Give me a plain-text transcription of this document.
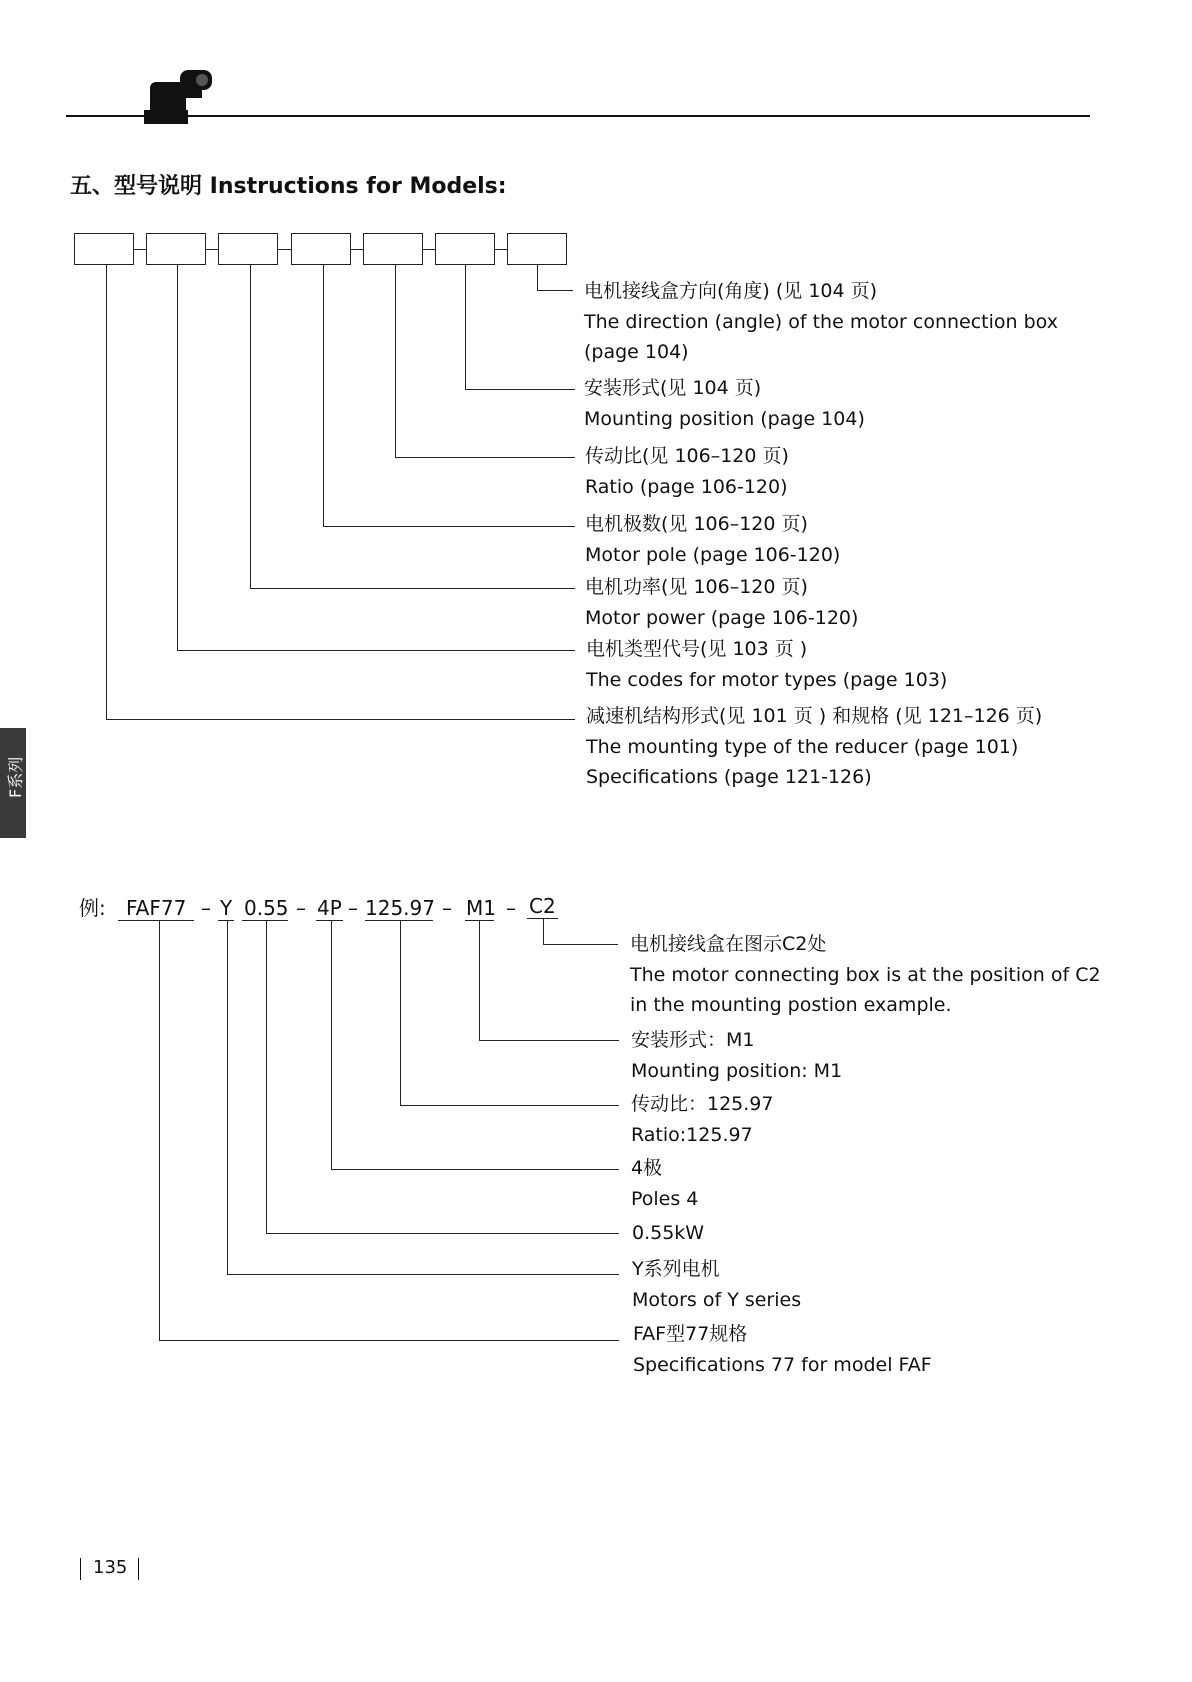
五、型号说明 Instructions for Models:
电机接线盒方向(角度) (见 104 页)
The direction (angle) of the motor connection box
(page 104)
安装形式(见 104 页)
Mounting position (page 104)
传动比(见 106–120 页)
Ratio (page 106-120)
电机极数(见 106–120 页)
Motor pole (page 106-120)
电机功率(见 106–120 页)
Motor power (page 106-120)
电机类型代号(见 103 页 )
The codes for motor types (page 103)
减速机结构形式(见 101 页 ) 和规格 (见 121–126 页)
The mounting type of the reducer (page 101)
Specifications (page 121-126)
F系列
例: FAF77 – Y 0.55 – 4P – 125.97 – M1 – C2
电机接线盒在图示C2处
The motor connecting box is at the position of C2
in the mounting postion example.
安装形式：M1
Mounting position: M1
传动比：125.97
Ratio:125.97
4极
Poles 4
0.55kW
Y系列电机
Motors of Y series
FAF型77规格
Specifications 77 for model FAF
135
